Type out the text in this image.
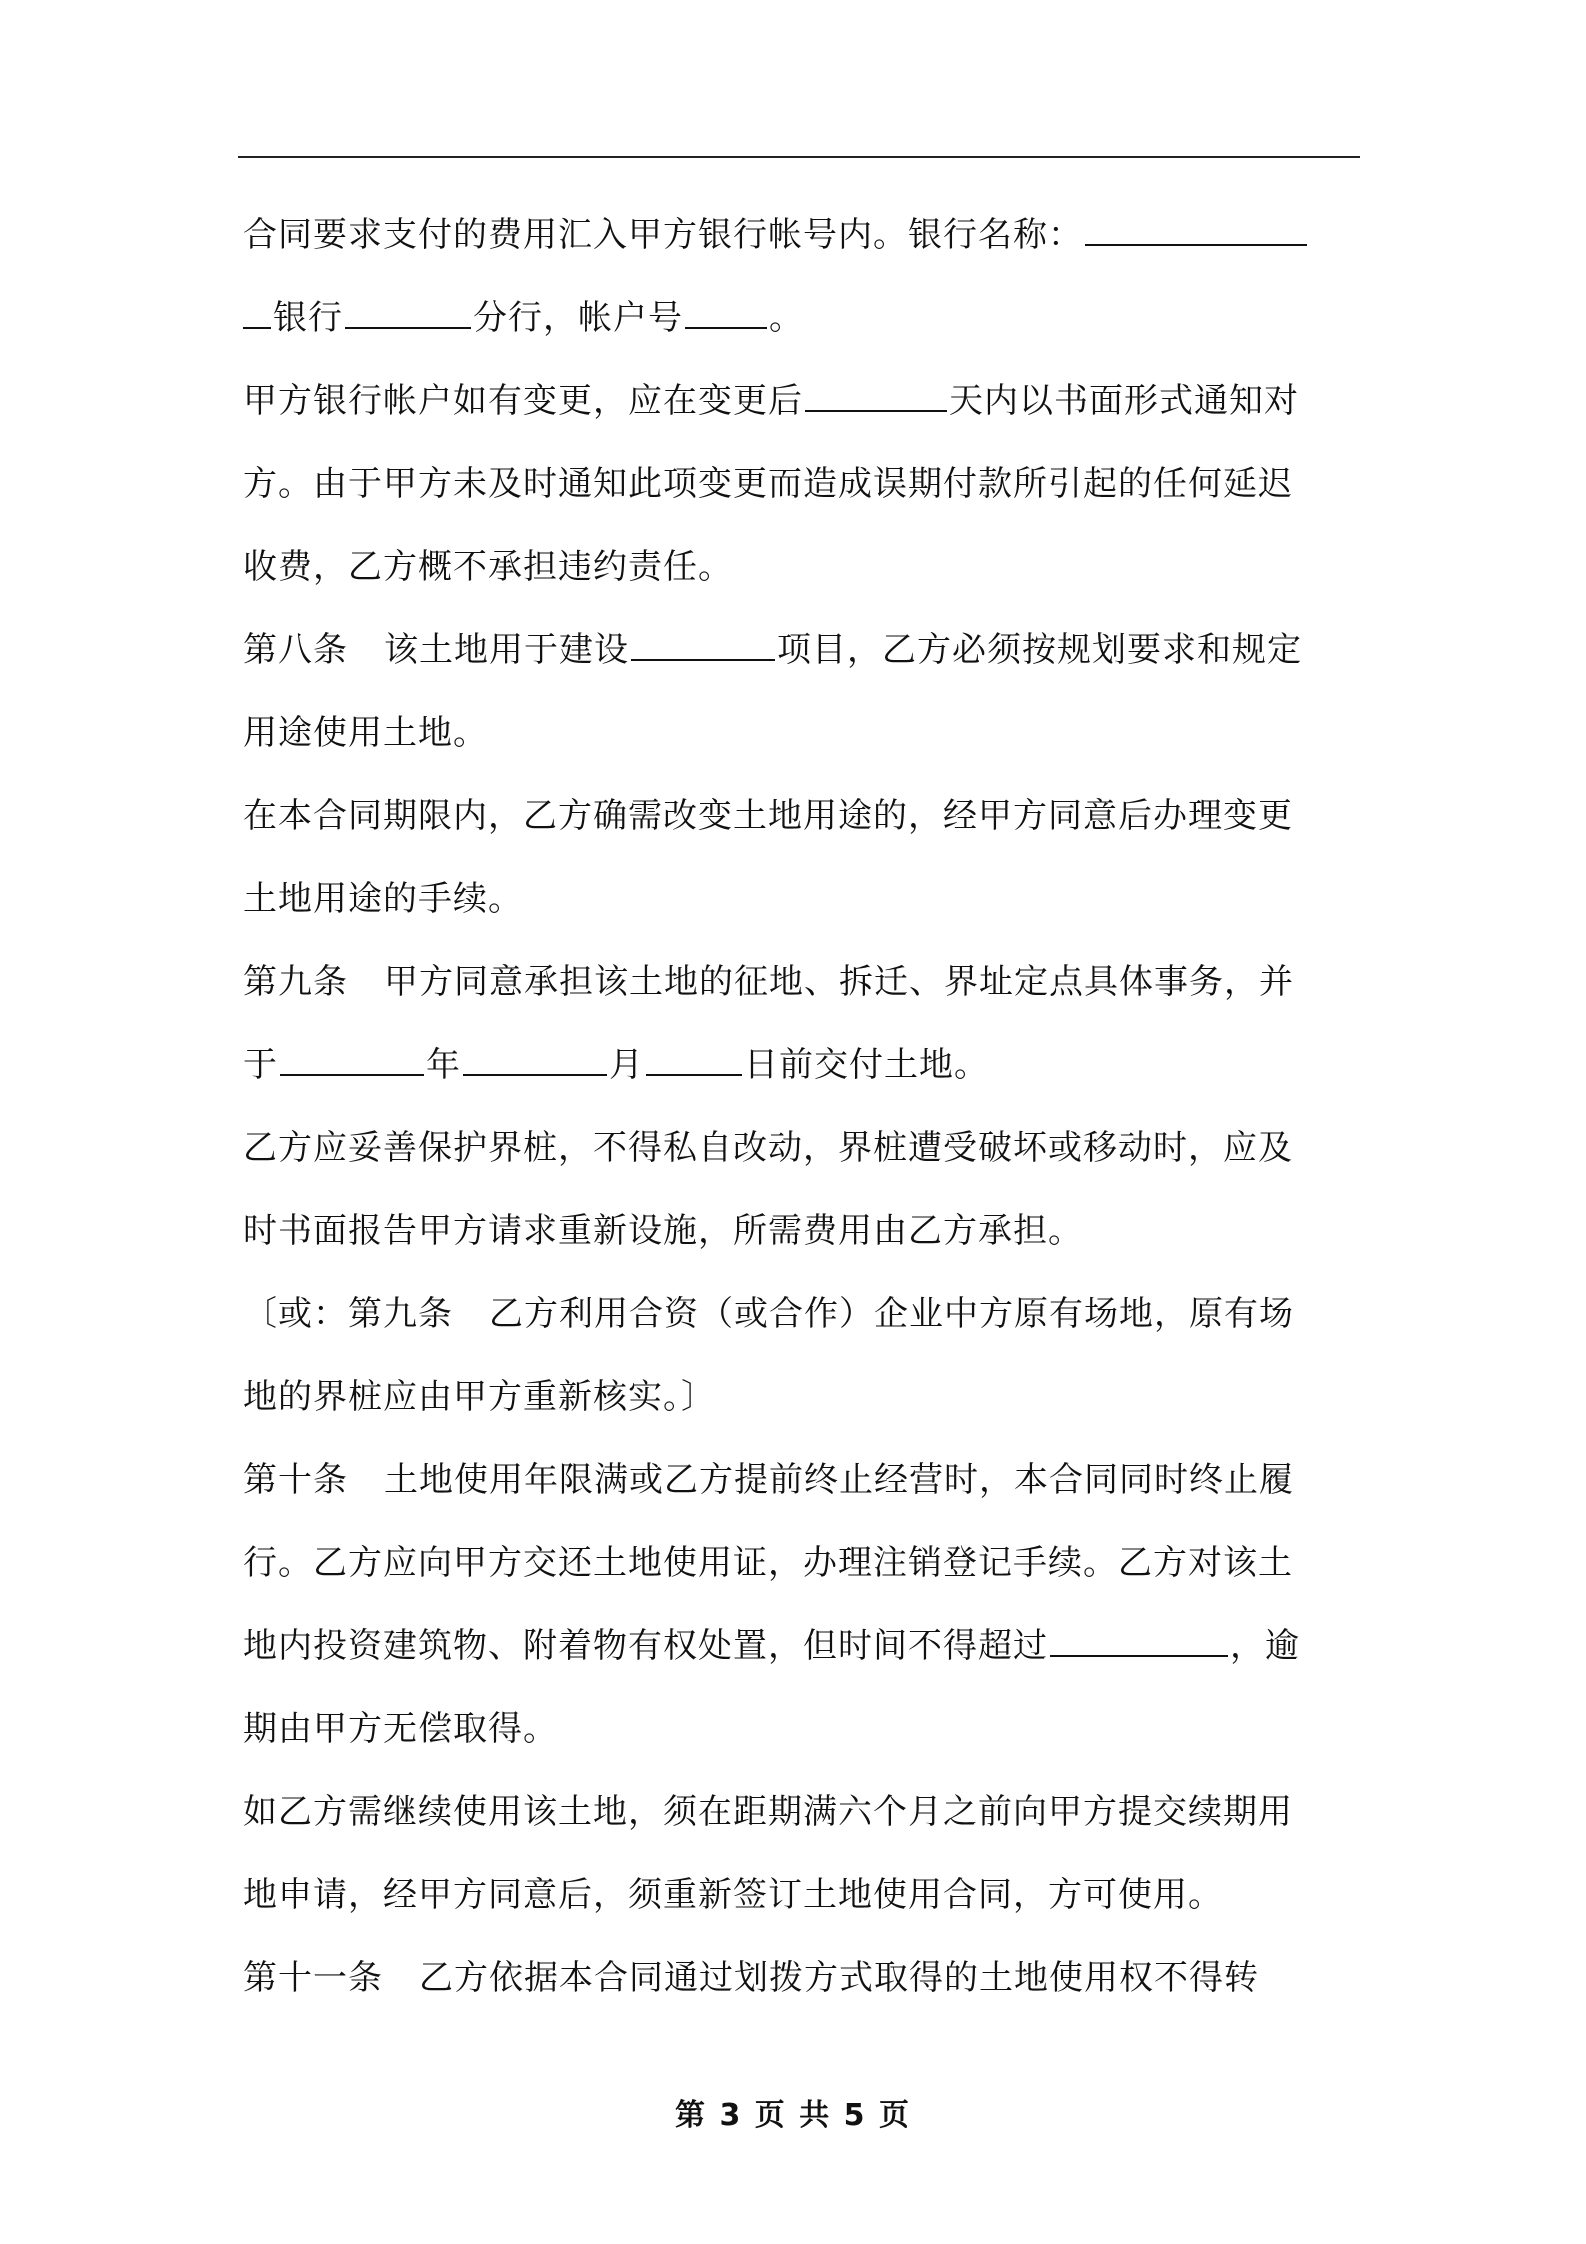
合同要求支付的费用汇入甲方银行帐号内。银行名称：
银行	分行，帐户号	。
甲方银行帐户如有变更，应在变更后	天内以书面形式通知对
方。由于甲方未及时通知此项变更而造成误期付款所引起的任何延迟
收费，乙方概不承担违约责任。
第八条 该土地用于建设	项目，乙方必须按规划要求和规定
用途使用土地。
在本合同期限内，乙方确需改变土地用途的，经甲方同意后办理变更
土地用途的手续。
第九条 甲方同意承担该土地的征地、拆迁、界址定点具体事务，并
于	年	月	日前交付土地。
乙方应妥善保护界桩，不得私自改动，界桩遭受破坏或移动时，应及
时书面报告甲方请求重新设施，所需费用由乙方承担。
〔或：第九条 乙方利用合资（或合作）企业中方原有场地，原有场
地的界桩应由甲方重新核实。〕
第十条 土地使用年限满或乙方提前终止经营时，本合同同时终止履
行。乙方应向甲方交还土地使用证，办理注销登记手续。乙方对该土
地内投资建筑物、附着物有权处置，但时间不得超过	，逾
期由甲方无偿取得。
如乙方需继续使用该土地，须在距期满六个月之前向甲方提交续期用
地申请，经甲方同意后，须重新签订土地使用合同，方可使用。
第十一条 乙方依据本合同通过划拨方式取得的土地使用权不得转
第 3 页 共 5 页
